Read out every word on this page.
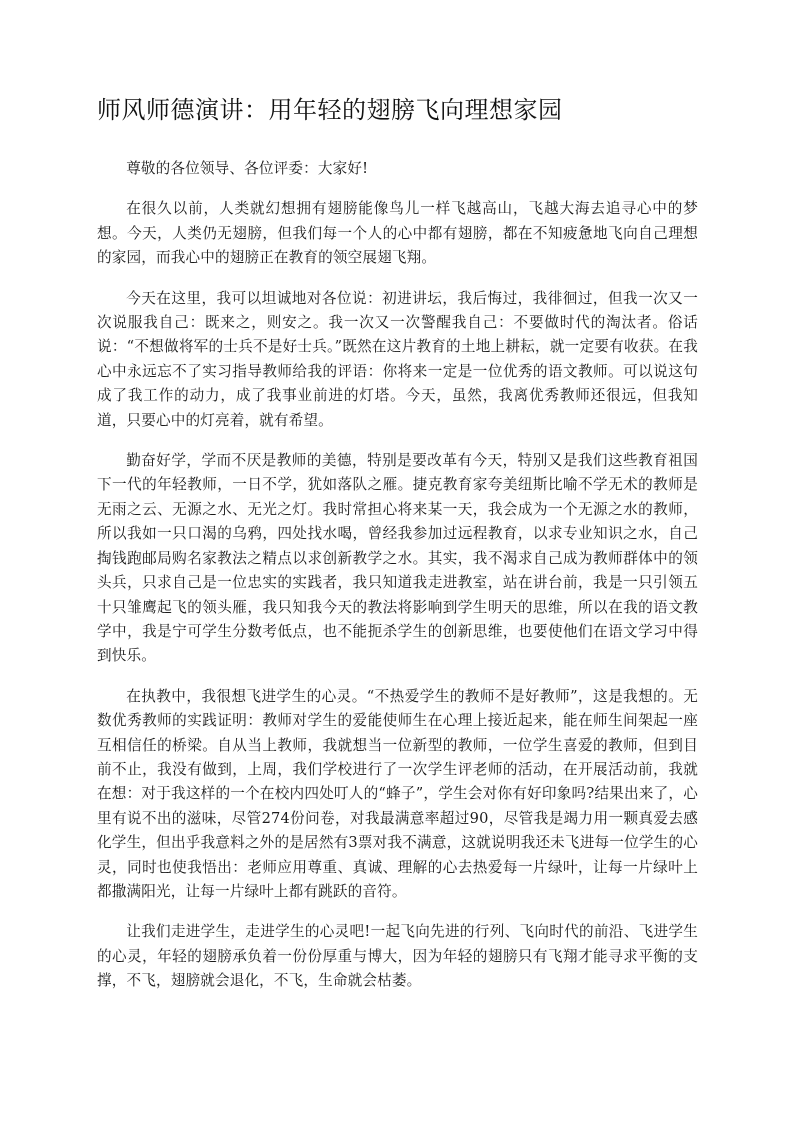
师风师德演讲：用年轻的翅膀飞向理想家园

尊敬的各位领导、各位评委：大家好!

在很久以前，人类就幻想拥有翅膀能像鸟儿一样飞越高山，飞越大海去追寻心中的梦想。今天，人类仍无翅膀，但我们每一个人的心中都有翅膀，都在不知疲惫地飞向自己理想的家园，而我心中的翅膀正在教育的领空展翅飞翔。

今天在这里，我可以坦诚地对各位说：初进讲坛，我后悔过，我徘徊过，但我一次又一次说服我自己：既来之，则安之。我一次又一次警醒我自己：不要做时代的淘汰者。俗话说：“不想做将军的士兵不是好士兵。”既然在这片教育的土地上耕耘，就一定要有收获。在我心中永远忘不了实习指导教师给我的评语：你将来一定是一位优秀的语文教师。可以说这句成了我工作的动力，成了我事业前进的灯塔。今天，虽然，我离优秀教师还很远，但我知道，只要心中的灯亮着，就有希望。

勤奋好学，学而不厌是教师的美德，特别是要改革有今天，特别又是我们这些教育祖国下一代的年轻教师，一日不学，犹如落队之雁。捷克教育家夸美纽斯比喻不学无术的教师是无雨之云、无源之水、无光之灯。我时常担心将来某一天，我会成为一个无源之水的教师，所以我如一只口渴的乌鸦，四处找水喝，曾经我参加过远程教育，以求专业知识之水，自己掏钱跑邮局购名家教法之精点以求创新教学之水。其实，我不渴求自己成为教师群体中的领头兵，只求自己是一位忠实的实践者，我只知道我走进教室，站在讲台前，我是一只引领五十只雏鹰起飞的领头雁，我只知我今天的教法将影响到学生明天的思维，所以在我的语文教学中，我是宁可学生分数考低点，也不能扼杀学生的创新思维，也要使他们在语文学习中得到快乐。

在执教中，我很想飞进学生的心灵。“不热爱学生的教师不是好教师”，这是我想的。无数优秀教师的实践证明：教师对学生的爱能使师生在心理上接近起来，能在师生间架起一座互相信任的桥梁。自从当上教师，我就想当一位新型的教师，一位学生喜爱的教师，但到目前不止，我没有做到，上周，我们学校进行了一次学生评老师的活动，在开展活动前，我就在想：对于我这样的一个在校内四处叮人的“蜂子”，学生会对你有好印象吗?结果出来了，心里有说不出的滋味，尽管274份问卷，对我最满意率超过90，尽管我是竭力用一颗真爱去感化学生，但出乎我意料之外的是居然有3票对我不满意，这就说明我还未飞进每一位学生的心灵，同时也使我悟出：老师应用尊重、真诚、理解的心去热爱每一片绿叶，让每一片绿叶上都撒满阳光，让每一片绿叶上都有跳跃的音符。

让我们走进学生，走进学生的心灵吧!一起飞向先进的行列、飞向时代的前沿、飞进学生的心灵，年轻的翅膀承负着一份份厚重与博大，因为年轻的翅膀只有飞翔才能寻求平衡的支撑，不飞，翅膀就会退化，不飞，生命就会枯萎。
